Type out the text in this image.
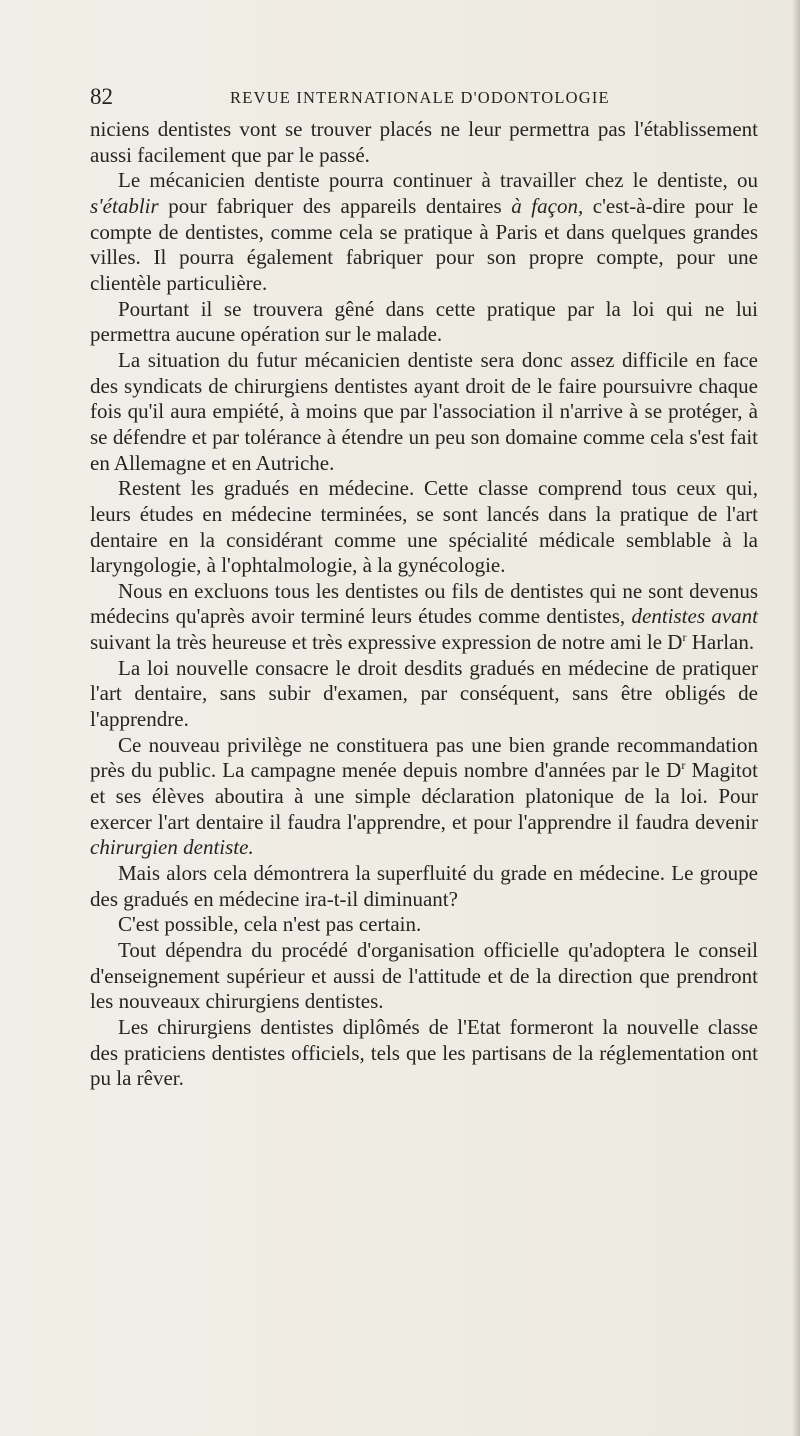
82	REVUE INTERNATIONALE D'ODONTOLOGIE

niciens dentistes vont se trouver placés ne leur permettra pas l'établissement aussi facilement que par le passé.

Le mécanicien dentiste pourra continuer à travailler chez le dentiste, ou s'établir pour fabriquer des appareils dentaires à façon, c'est-à-dire pour le compte de dentistes, comme cela se pratique à Paris et dans quelques grandes villes. Il pourra également fabriquer pour son propre compte, pour une clientèle particulière.

Pourtant il se trouvera gêné dans cette pratique par la loi qui ne lui permettra aucune opération sur le malade.

La situation du futur mécanicien dentiste sera donc assez difficile en face des syndicats de chirurgiens dentistes ayant droit de le faire poursuivre chaque fois qu'il aura empiété, à moins que par l'association il n'arrive à se protéger, à se défendre et par tolérance à étendre un peu son domaine comme cela s'est fait en Allemagne et en Autriche.

Restent les gradués en médecine. Cette classe comprend tous ceux qui, leurs études en médecine terminées, se sont lancés dans la pratique de l'art dentaire en la considérant comme une spécialité médicale semblable à la laryngologie, à l'ophtalmologie, à la gynécologie.

Nous en excluons tous les dentistes ou fils de dentistes qui ne sont devenus médecins qu'après avoir terminé leurs études comme dentistes, dentistes avant suivant la très heureuse et très expressive expression de notre ami le $D^r$ Harlan.

La loi nouvelle consacre le droit desdits gradués en médecine de pratiquer l'art dentaire, sans subir d'examen, par conséquent, sans être obligés de l'apprendre.

Ce nouveau privilège ne constituera pas une bien grande recommandation près du public. La campagne menée depuis nombre d'années par le $D^r$ Magitot et ses élèves aboutira à une simple déclaration platonique de la loi. Pour exercer l'art dentaire il faudra l'apprendre, et pour l'apprendre il faudra devenir chirurgien dentiste.

Mais alors cela démontrera la superfluité du grade en médecine. Le groupe des gradués en médecine ira-t-il diminuant?

C'est possible, cela n'est pas certain.

Tout dépendra du procédé d'organisation officielle qu'adoptera le conseil d'enseignement supérieur et aussi de l'attitude et de la direction que prendront les nouveaux chirurgiens dentistes.

Les chirurgiens dentistes diplômés de l'Etat formeront la nouvelle classe des praticiens dentistes officiels, tels que les partisans de la réglementation ont pu la rêver.
